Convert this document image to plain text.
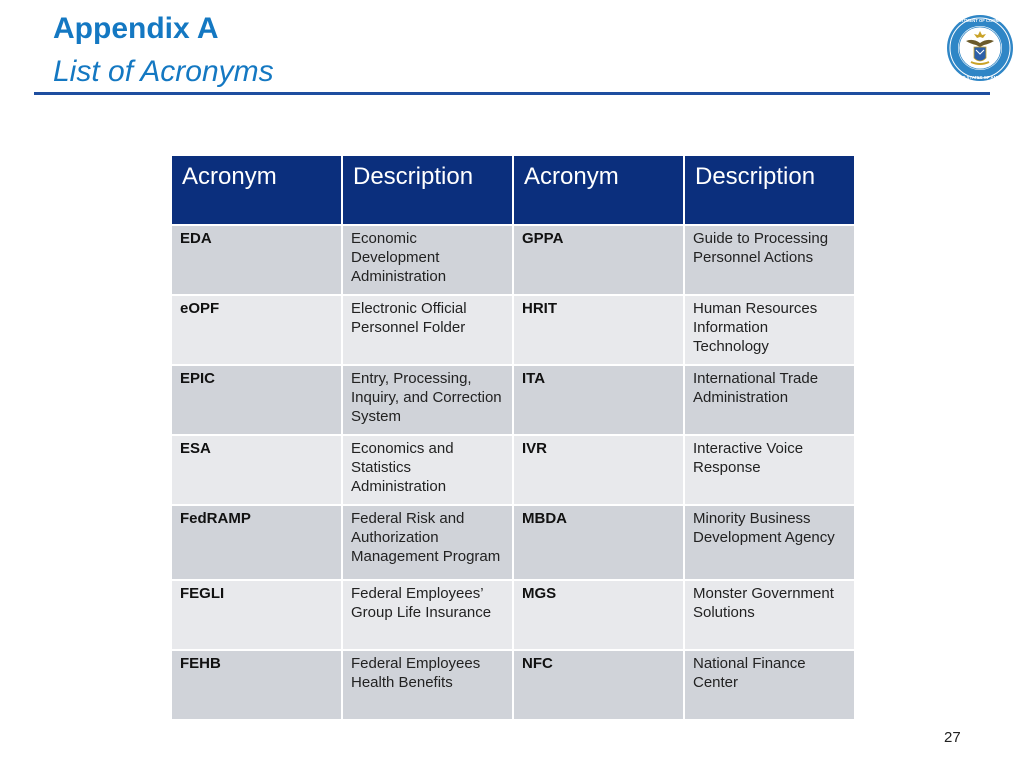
Appendix A
List of Acronyms
DEPARTMENT OF COMMERCE
UNITED STATES OF AMERICA
Acronym	Description	Acronym	Description
EDA	Economic Development Administration	GPPA	Guide to Processing Personnel Actions
eOPF	Electronic Official Personnel Folder	HRIT	Human Resources Information Technology
EPIC	Entry, Processing, Inquiry, and Correction System	ITA	International Trade Administration
ESA	Economics and Statistics Administration	IVR	Interactive Voice Response
FedRAMP	Federal Risk and Authorization Management Program	MBDA	Minority Business Development Agency
FEGLI	Federal Employees’ Group Life Insurance	MGS	Monster Government Solutions
FEHB	Federal Employees Health Benefits	NFC	National Finance Center
27
